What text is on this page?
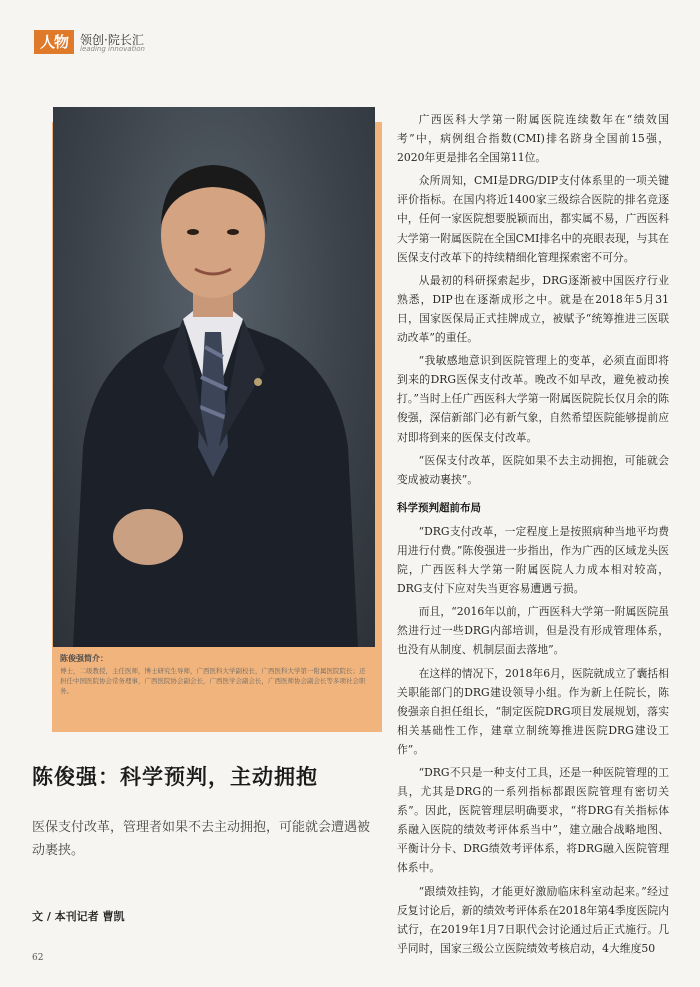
人物	领创·院长汇
leading innovation
陈俊强简介：
博士，二级教授，主任医师，博士研究生导师，广西医科大学副校长，广西医科大学第一附属医院院长；还担任中国医院协会常务理事，广西医院协会副会长，广西医学会副会长，广西医师协会副会长等多项社会职务。
陈俊强：科学预判，主动拥抱
医保支付改革，管理者如果不去主动拥抱，可能就会遭遇被动裹挟。
文 / 本刊记者 曹凯
62

广西医科大学第一附属医院连续数年在“绩效国考”中，病例组合指数(CMI)排名跻身全国前15强，2020年更是排名全国第11位。

众所周知，CMI是DRG/DIP支付体系里的一项关键评价指标。在国内将近1400家三级综合医院的排名竞逐中，任何一家医院想要脱颖而出，都实属不易，广西医科大学第一附属医院在全国CMI排名中的亮眼表现，与其在医保支付改革下的持续精细化管理探索密不可分。

从最初的科研探索起步，DRG逐渐被中国医疗行业熟悉，DIP也在逐渐成形之中。就是在2018年5月31日，国家医保局正式挂牌成立，被赋予“统筹推进三医联动改革”的重任。

“我敏感地意识到医院管理上的变革，必须直面即将到来的DRG医保支付改革。晚改不如早改，避免被动挨打。”当时上任广西医科大学第一附属医院院长仅月余的陈俊强，深信新部门必有新气象，自然希望医院能够提前应对即将到来的医保支付改革。

“医保支付改革，医院如果不去主动拥抱，可能就会变成被动裹挟”。

科学预判超前布局

“DRG支付改革，一定程度上是按照病种当地平均费用进行付费。”陈俊强进一步指出，作为广西的区域龙头医院，广西医科大学第一附属医院人力成本相对较高，DRG支付下应对失当更容易遭遇亏损。

而且，“2016年以前，广西医科大学第一附属医院虽然进行过一些DRG内部培训，但是没有形成管理体系，也没有从制度、机制层面去落地”。

在这样的情况下，2018年6月，医院就成立了囊括相关职能部门的DRG建设领导小组。作为新上任院长，陈俊强亲自担任组长，“制定医院DRG项目发展规划，落实相关基础性工作，建章立制统筹推进医院DRG建设工作”。

“DRG不只是一种支付工具，还是一种医院管理的工具，尤其是DRG的一系列指标都跟医院管理有密切关系”。因此，医院管理层明确要求，“将DRG有关指标体系融入医院的绩效考评体系当中”，建立融合战略地图、平衡计分卡、DRG绩效考评体系，将DRG融入医院管理体系中。

“跟绩效挂钩，才能更好激励临床科室动起来。”经过反复讨论后，新的绩效考评体系在2018年第4季度医院内试行，在2019年1月7日职代会讨论通过后正式施行。几乎同时，国家三级公立医院绩效考核启动，4大维度50
